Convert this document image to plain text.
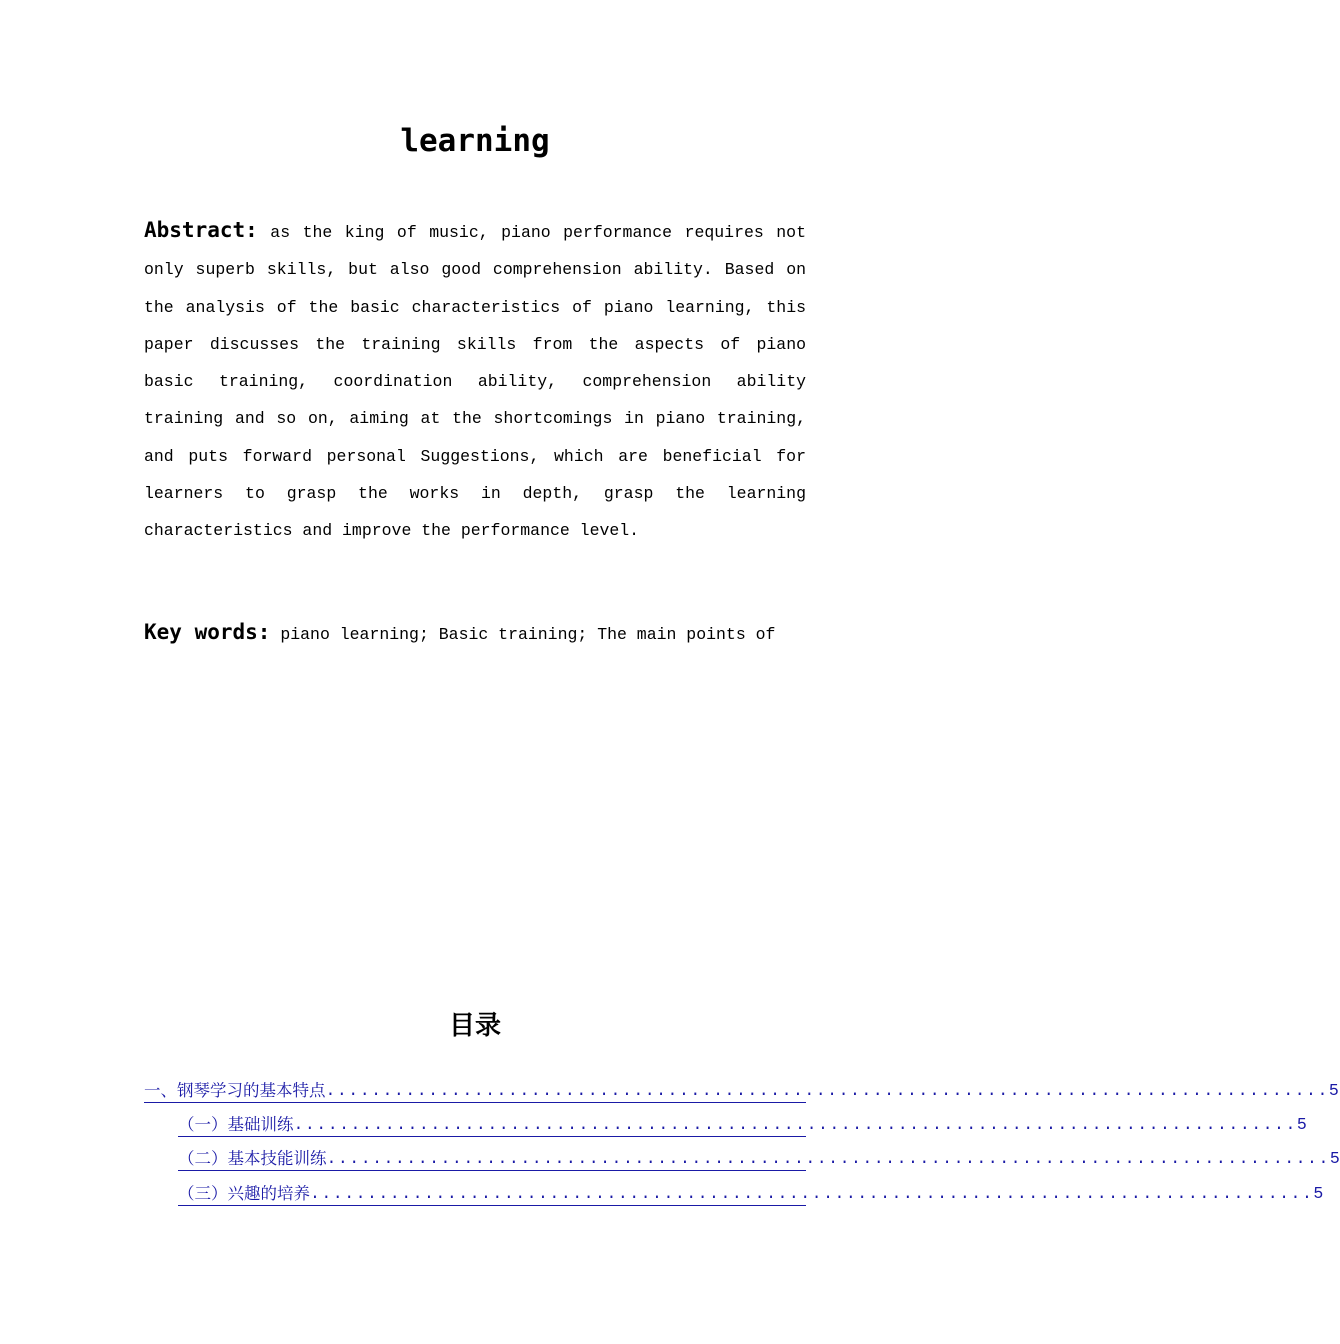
learning
Abstract: as the king of music, piano performance requires not only superb skills, but also good comprehension ability. Based on the analysis of the basic characteristics of piano learning, this paper discusses the training skills from the aspects of piano basic training, coordination ability, comprehension ability training and so on, aiming at the shortcomings in piano training, and puts forward personal Suggestions, which are beneficial for learners to grasp the works in depth, grasp the learning characteristics and improve the performance level.
Key words: piano learning; Basic training; The main points of
目录
一、钢琴学习的基本特点 ........................................................................................ 5
（一）基础训练 ........................................................................................ 5
（二）基本技能训练 ........................................................................................ 5
（三）兴趣的培养 ........................................................................................ 5
